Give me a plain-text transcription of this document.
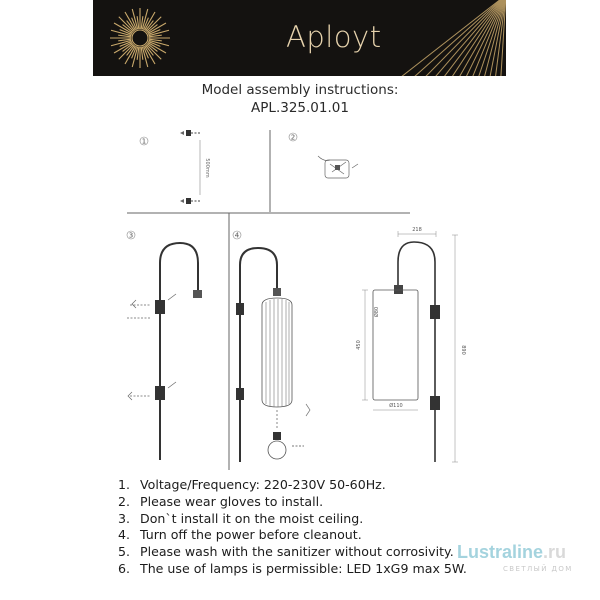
Aployt

Model assembly instructions:

APL.325.01.01

1	2
3	4
500mm
218
890
450
Ø80
Ø110
1. Voltage/Frequency: 220-230V 50-60Hz.
2. Please wear gloves to install.
3. Don`t install it on the moist ceiling.
4. Turn off the power before cleanout.
5. Please wash with the sanitizer without corrosivity.
6. The use of lamps is permissible: LED 1xG9 max 5W.

Lustraline.ru

СВЕТЛЫЙ ДОМ
